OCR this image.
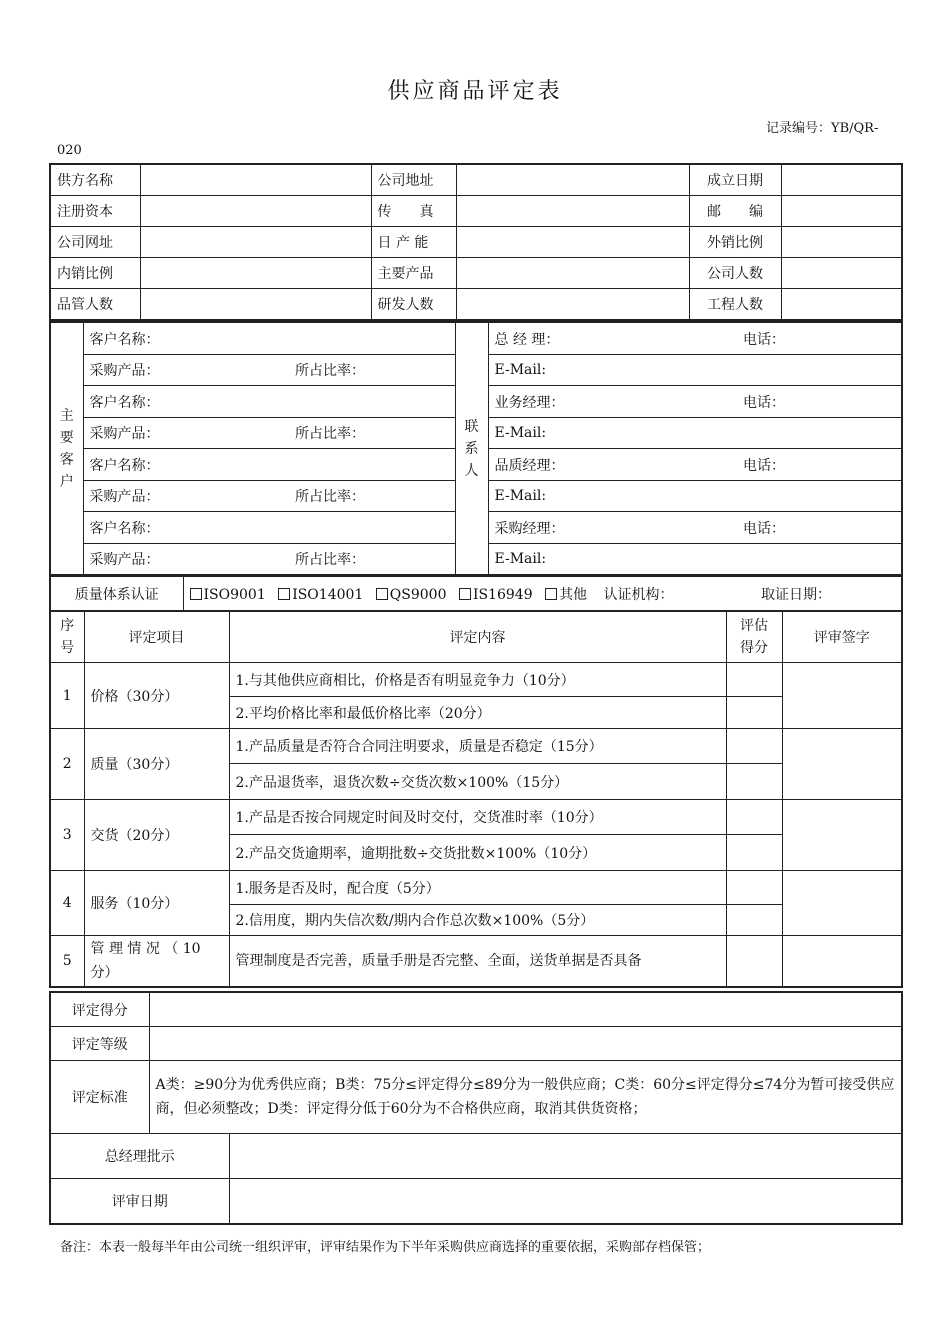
供应商品评定表
记录编号：YB/QR-
020
供方名称		公司地址		成立日期	
注册资本		传　　真		邮　　编	
公司网址		日 产 能		外销比例	
内销比例		主要产品		公司人数	
品管人数		研发人数		工程人数	
主要客户	客户名称：	联系人	总 经 理： 电话：

	采购产品： 所占比率：		E-Mail:
	客户名称：		业务经理： 电话：

	采购产品： 所占比率：		E-Mail:
	客户名称：		品质经理： 电话：

	采购产品： 所占比率：		E-Mail:
	客户名称：		采购经理： 电话：

	采购产品： 所占比率：		E-Mail:
质量体系认证	ISO9001 ISO14001 QS9000 IS16949 其他 认证机构：	取证日期：
序号	评定项目	评定内容	评估得分	评审签字
1	价格（30分）	1.与其他供应商相比，价格是否有明显竞争力（10分）		
		2.平均价格比率和最低价格比率（20分）		
2	质量（30分）	1.产品质量是否符合合同注明要求，质量是否稳定（15分）		
		2.产品退货率，退货次数÷交货次数×100%（15分）		
3	交货（20分）	1.产品是否按合同规定时间及时交付，交货准时率（10分）		
		2.产品交货逾期率，逾期批数÷交货批数×100%（10分）		
4	服务（10分）	1.服务是否及时，配合度（5分）		
		2.信用度，期内失信次数/期内合作总次数×100%（5分）		
5	管 理 情 况 （ 10 分）	管理制度是否完善，质量手册是否完整、全面，送货单据是否具备		
评定得分		
评定等级		
评定标准	A类：≥90分为优秀供应商；B类：75分≤评定得分≤89分为一般供应商；C类：60分≤评定得分≤74分为暂可接受供应商，但必须整改；D类：评定得分低于60分为不合格供应商，取消其供货资格；	
总经理批示		
评审日期		
备注：本表一般每半年由公司统一组织评审，评审结果作为下半年采购供应商选择的重要依据，采购部存档保管；
